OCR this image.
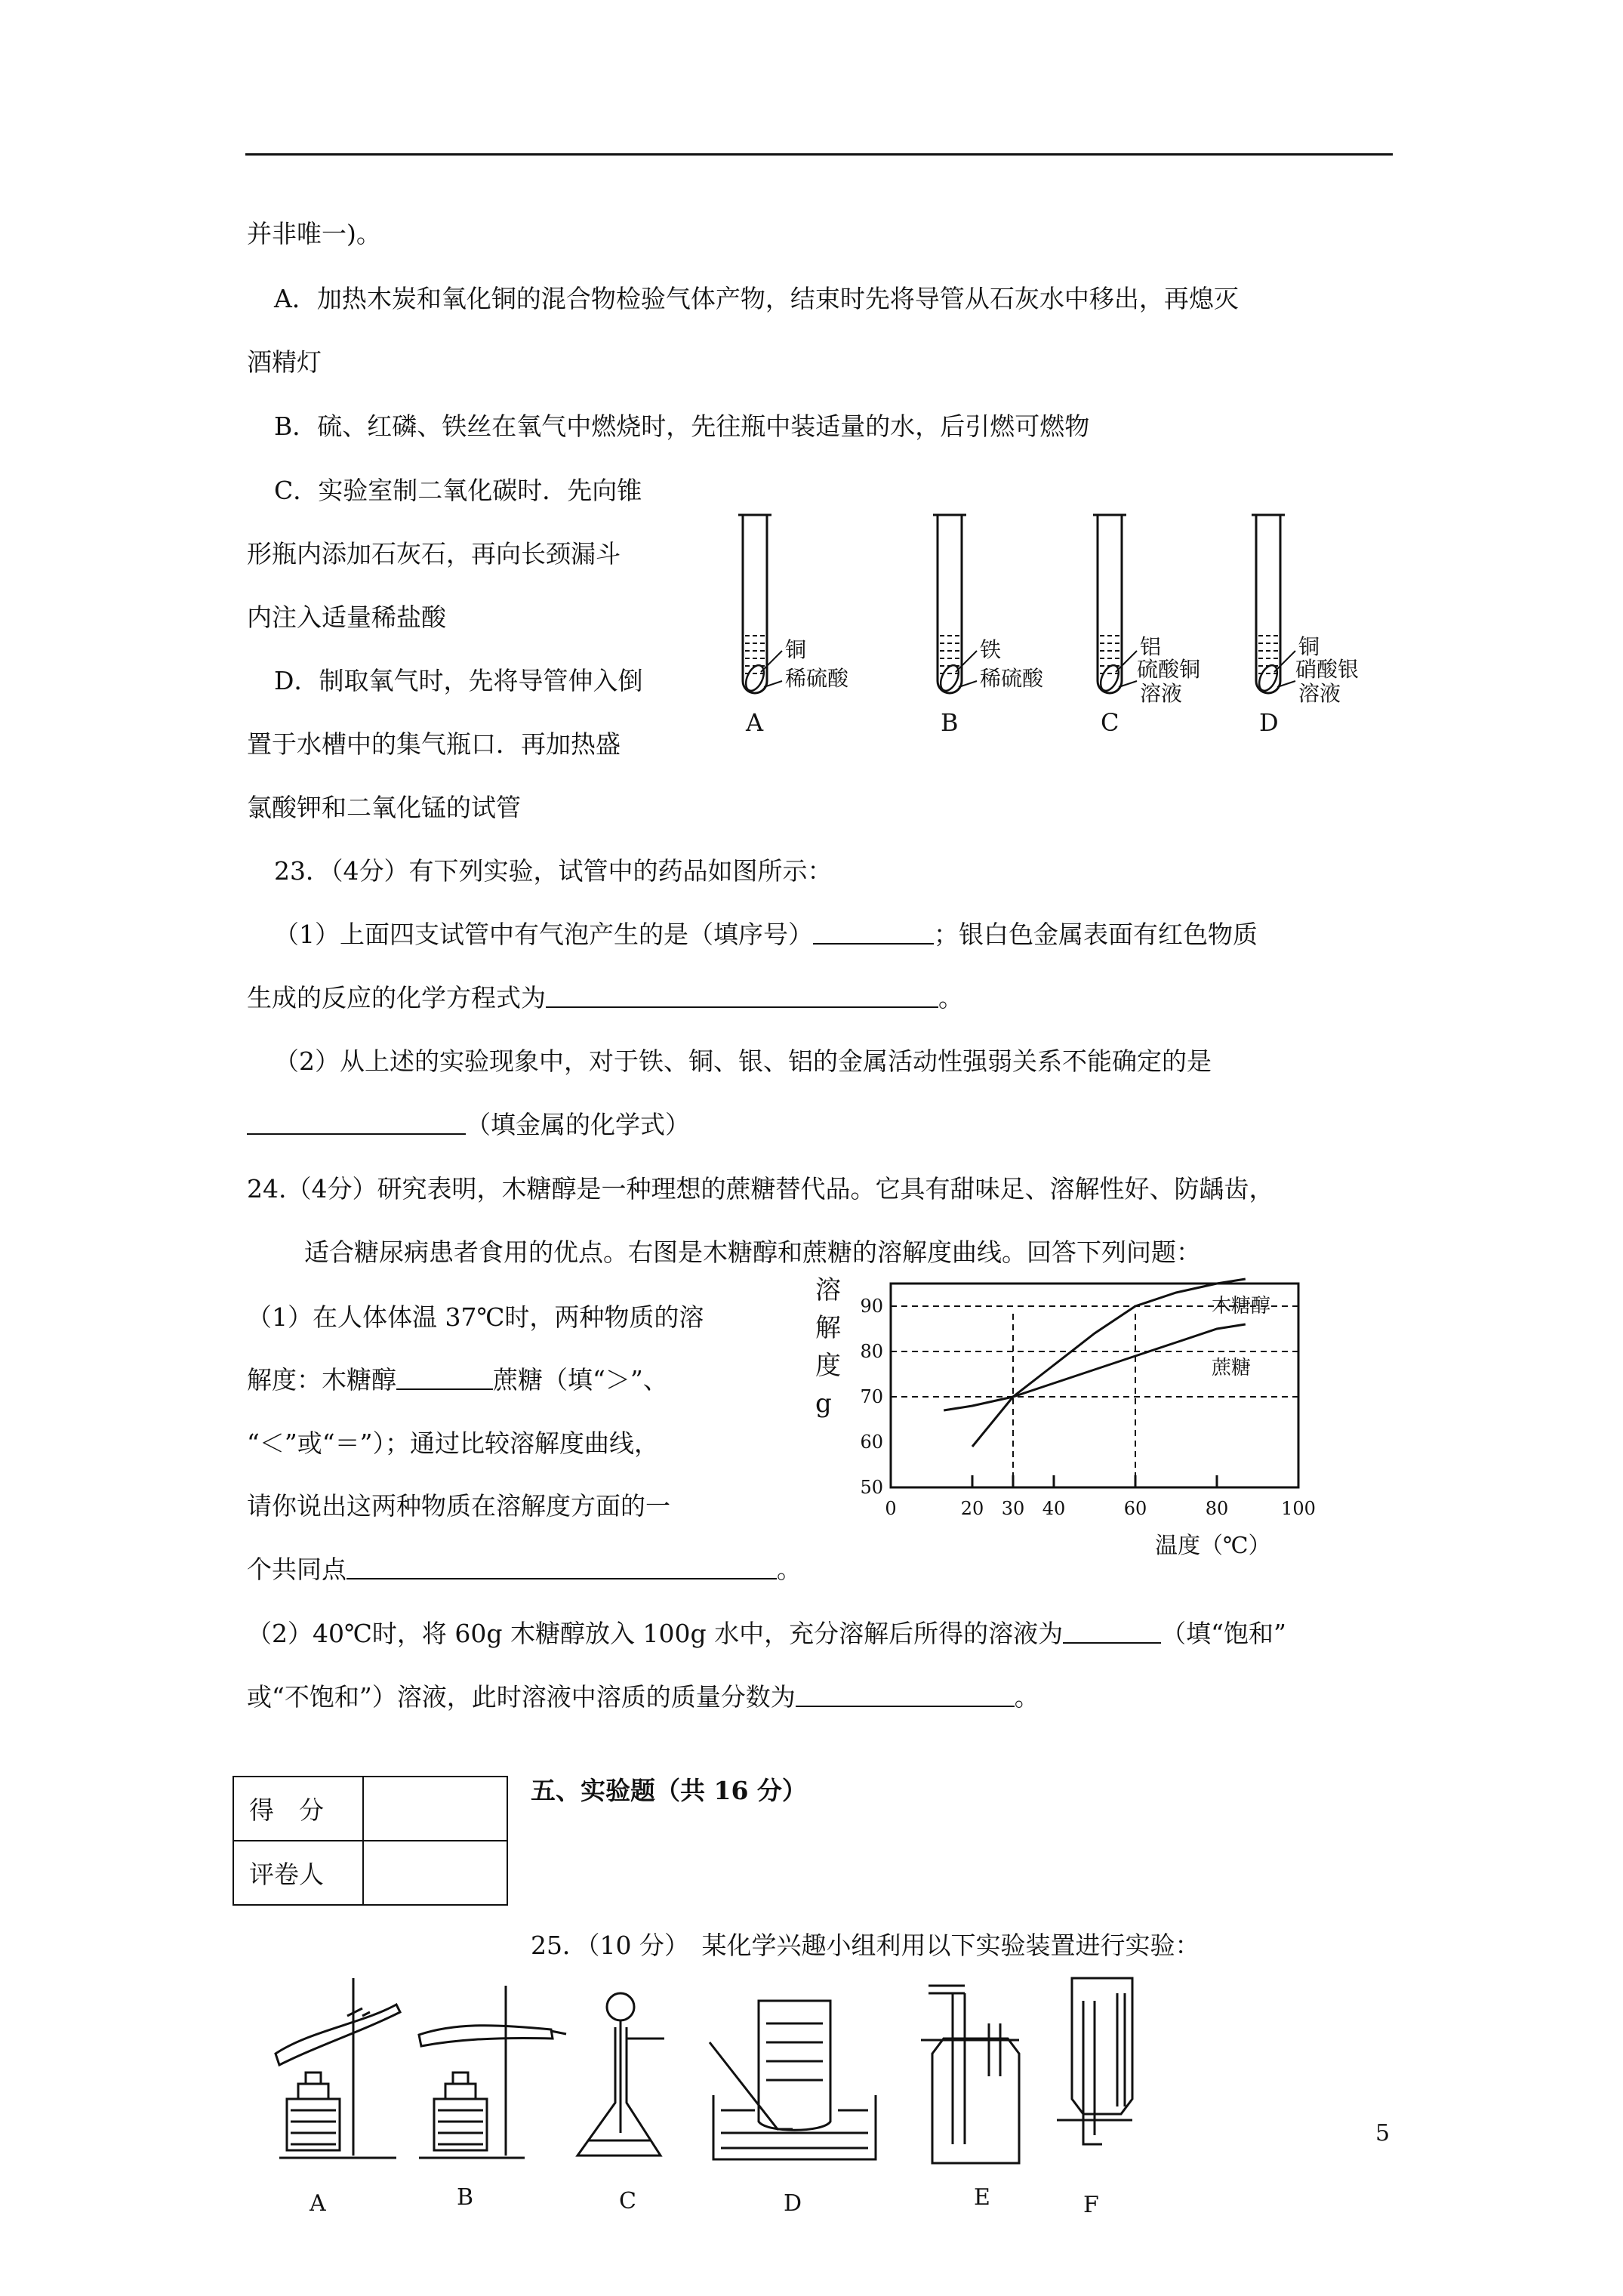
并非唯一)。
A．加热木炭和氧化铜的混合物检验气体产物，结束时先将导管从石灰水中移出，再熄灭
酒精灯
B．硫、红磷、铁丝在氧气中燃烧时，先往瓶中装适量的水，后引燃可燃物
C．实验室制二氧化碳时．先向锥
形瓶内添加石灰石，再向长颈漏斗
内注入适量稀盐酸
D．制取氧气时，先将导管伸入倒
置于水槽中的集气瓶口．再加热盛
氯酸钾和二氧化锰的试管
铜
稀硫酸
A
铁
稀硫酸
B
铝
硫酸铜
溶液
C
铜
硝酸银
溶液
D
23．（4分）有下列实验，试管中的药品如图所示：
（1）上面四支试管中有气泡产生的是（填序号）	；银白色金属表面有红色物质
生成的反应的化学方程式为	。
（2）从上述的实验现象中，对于铁、铜、银、铝的金属活动性强弱关系不能确定的是
（填金属的化学式）
24.（4分）研究表明，木糖醇是一种理想的蔗糖替代品。它具有甜味足、溶解性好、防龋齿，
适合糖尿病患者食用的优点。右图是木糖醇和蔗糖的溶解度曲线。回答下列问题：
（1）在人体体温 37℃时，两种物质的溶
解度：木糖醇	蔗糖（填“＞”、
“＜”或“＝”）；通过比较溶解度曲线，
请你说出这两种物质在溶解度方面的一
个共同点	。
（2）40℃时，将 60g 木糖醇放入 100g 水中，充分溶解后所得的溶液为	（填“饱和”
或“不饱和”）溶液，此时溶液中溶质的质量分数为	。
0	20 30 40	60	80	100
50
60
70
80
90	木糖醇
蔗糖
溶解度 g
温度（℃）
得　分	
评卷人	
五、实验题（共 16 分）
25．（10 分）　某化学兴趣小组利用以下实验装置进行实验：
A	B	C	D	E	F
5
